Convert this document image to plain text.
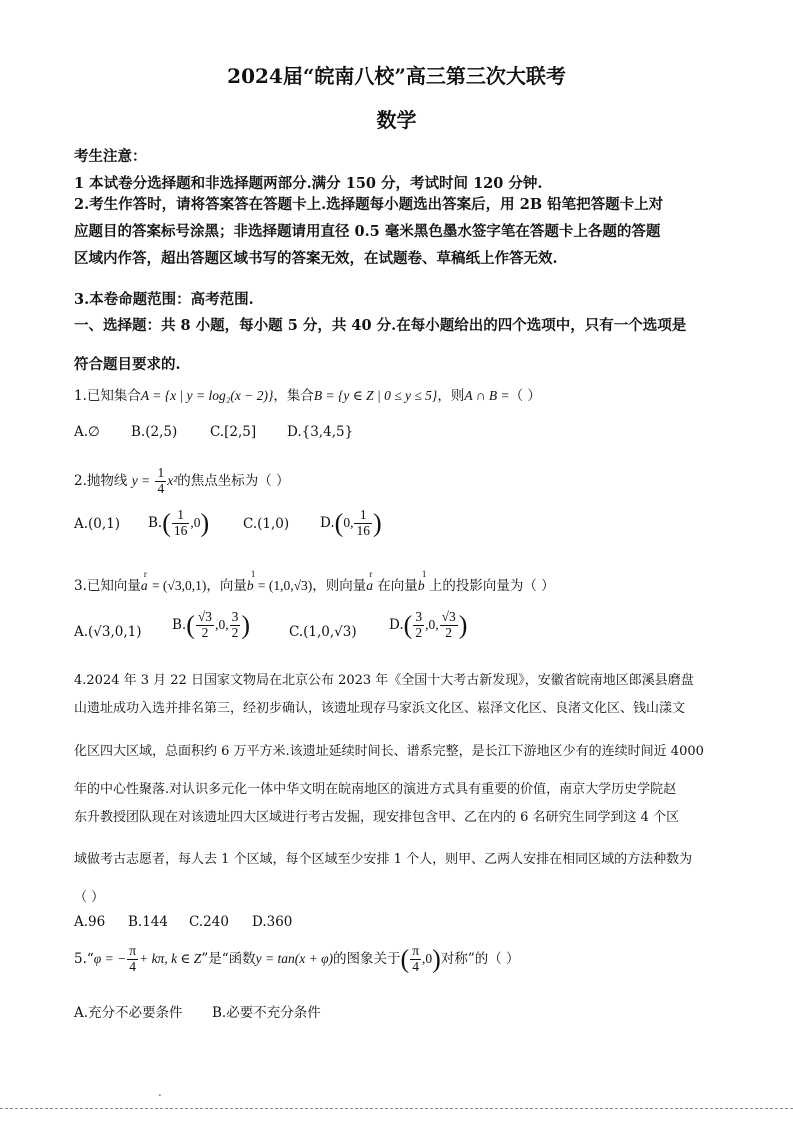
2024届“皖南八校”高三第三次大联考
数学
考生注意：
1 本试卷分选择题和非选择题两部分.满分 150 分，考试时间 120 分钟.
2.考生作答时，请将答案答在答题卡上.选择题每小题选出答案后，用 2B 铅笔把答题卡上对
应题目的答案标号涂黑；非选择题请用直径 0.5 毫米黑色墨水签字笔在答题卡上各题的答题
区域内作答，超出答题区域书写的答案无效，在试题卷、草稿纸上作答无效.
3.本卷命题范围：高考范围.
一、选择题：共 8 小题，每小题 5 分，共 40 分.在每小题给出的四个选项中，只有一个选项是
符合题目要求的.
1.已知集合A = {x | y = log₂(x − 2)}，集合B = {y ∈ Z | 0 ≤ y ≤ 5}，则A ∩ B =（ ）
A.∅ B.(2,5) C.[2,5] D.{3,4,5}
2.抛物线 $y = \frac{1}{4} x^2$的焦点坐标为（ ）
A.(0,1) $B.( \frac{1}{16} ,0)$	C.(1,0) D.(0, $\frac{1}{16}$ )
3.已知向量r a = (√3,0,1)，向量1 b = (1,0,√3)，则向量r a 在向量1 b 上的投影向量为（ ）
A.(√3,0,1) $B.( \frac{√3}{2} ,0$, $\frac{3}{2}$ )	C.(1,0,√3) $D.( \frac{3}{2} ,0$, $\frac{√3}{2}$ )
4.2024 年 3 月 22 日国家文物局在北京公布 2023 年《全国十大考古新发现》，安徽省皖南地区郎溪县磨盘
山遗址成功入选并排名第三，经初步确认，该遗址现存马家浜文化区、崧泽文化区、良渚文化区、钱山漾文
化区四大区域，总面积约 6 万平方米.该遗址延续时间长、谱系完整，是长江下游地区少有的连续时间近 4000
年的中心性聚落.对认识多元化一体中华文明在皖南地区的演进方式具有重要的价值，南京大学历史学院赵
东升教授团队现在对该遗址四大区域进行考古发掘，现安排包含甲、乙在内的 6 名研究生同学到这 4 个区
域做考古志愿者，每人去 1 个区域，每个区域至少安排 1 个人，则甲、乙两人安排在相同区域的方法种数为
（ ）
A.96 B.144 C.240 D.360
5.“φ = − $\frac{\pi}{4} + k\pi$, k ∈ Z”是“函数y = tan(x + φ)的图象关于( $\frac{\pi}{4} ,0$)对称”的（ ）
A.充分不必要条件 B.必要不充分条件
.
